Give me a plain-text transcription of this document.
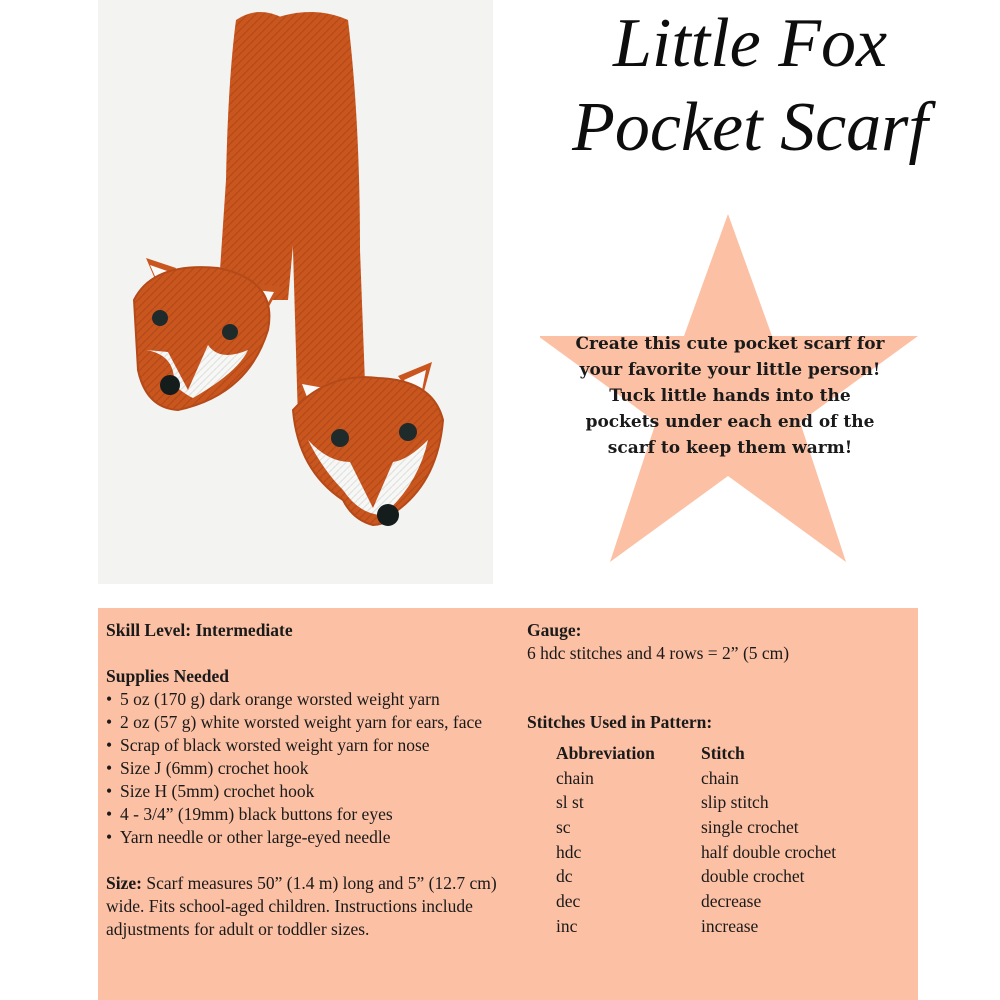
Little Fox
Pocket Scarf
Create this cute pocket scarf for your favorite your little person! Tuck little hands into the pockets under each end of the scarf to keep them warm!
Skill Level: Intermediate
Supplies Needed
• 5 oz (170 g) dark orange worsted weight yarn
• 2 oz (57 g) white worsted weight yarn for ears, face
• Scrap of black worsted weight yarn for nose
• Size J (6mm) crochet hook
• Size H (5mm) crochet hook
• 4 - 3/4” (19mm) black buttons for eyes
• Yarn needle or other large-eyed needle
Size: Scarf measures 50” (1.4 m) long and 5” (12.7 cm) wide. Fits school-aged children. Instructions include adjustments for adult or toddler sizes.
Gauge:
6 hdc stitches and 4 rows = 2” (5 cm)
Stitches Used in Pattern:
Abbreviation	Stitch
chain	chain
sl st	slip stitch
sc	single crochet
hdc	half double crochet
dc	double crochet
dec	decrease
inc	increase
